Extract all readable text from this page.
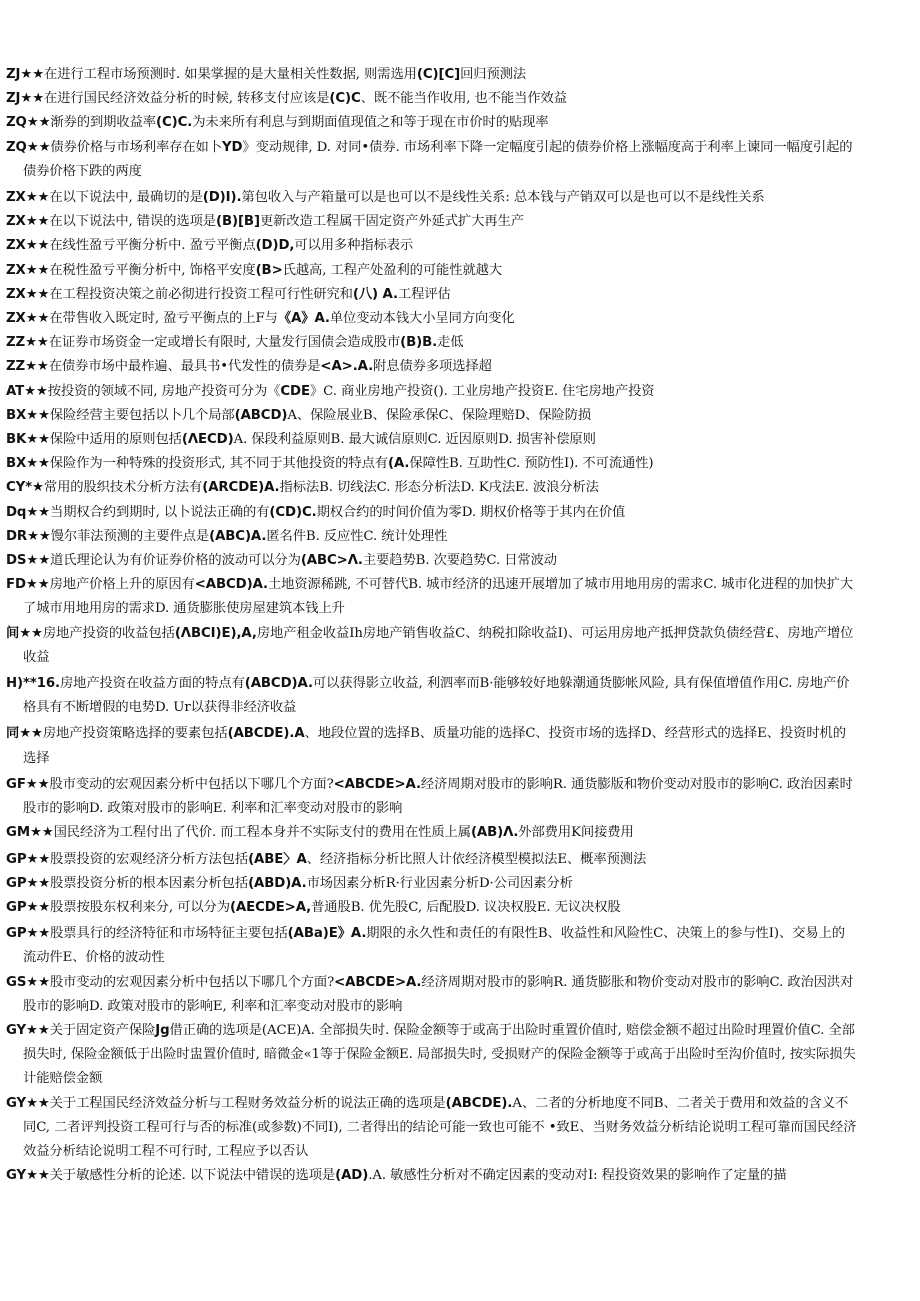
ZJ★★在进行工程市场预测时. 如果掌握的是大量相关性数据, 则需选用(C)[C]回归预测法
ZJ★★在进行国民经济效益分析的时候, 转移支付应该是(C)C、既不能当作收用, 也不能当作效益
ZQ★★渐券的到期收益率(C)C.为未来所有利息与到期面值现值之和等于现在市价时的贴现率
ZQ★★债券价格与市场利率存在如卜YD》变动规律, D. 对同•债券. 市场利率下降一定幅度引起的债券价格上涨幅度高于利率上谏同一幅度引起的债券价格下跌的两度
ZX★★在以下说法中, 最确切的是(D)I).第包收入与产箱量可以是也可以不是线性关系: 总本钱与产销双可以是也可以不是线性关系
ZX★★在以下说法中, 错误的选项是(B)[B]更新改造工程属干固定资产外延式扩大再生产
ZX★★在线性盈亏平衡分析中. 盈亏平衡点(D)D,可以用多种指标表示
ZX★★在税性盈亏平衡分析中, 饰格平安度(B>氏越高, 工程产处盈利的可能性就越大
ZX★★在工程投资决策之前必彻进行投资工程可行性研究和(八) A.工程评估
ZX★★在带售收入既定时, 盈亏平衡点的上F与《A》A.单位变动本钱大小呈同方向变化
ZZ★★在证券市场资金一定或增长有限时, 大量发行国债会造成股市(B)B.走低
ZZ★★在债券市场中最柞遍、最具书•代发性的债券是<A>.A.附息债券多项选择超
AT★★按投资的领域不同, 房地产投资可分为《CDE》C. 商业房地产投资(). 工业房地产投资E. 住宅房地产投资
BX★★保险经营主要包括以卜几个局部(ABCD)A、保险展业B、保险承保C、保险理赔D、保险防损
BK★★保险中适用的原则包括(ΛECD)A. 保段利益原则B. 最大诚信原则C. 近因原则D. 损害补偿原则
BX★★保险作为一种特殊的投资形式, 其不同于其他投资的特点有(A.保障性B. 互助性C. 预防性I). 不可流通性)
CY*★常用的股织技术分析方法有(ARCDE)A.指标法B. 切线法C. 形态分析法D. K戌法E. 波浪分析法
Dq★★当期权合约到期时, 以卜说法正确的有(CD)C.期权合约的时间价值为零D. 期权价格等于其内在价值
DR★★馒尔菲法预测的主要件点是(ABC)A.匿名件B. 反应性C. 统计处理性
DS★★道氏理论认为有价证券价格的波动可以分为(ABC>Λ.主要趋势B. 次要趋势C. 日常波动
FD★★房地产价格上升的原因有<ABCD)A.土地资源稀跳, 不可替代B. 城市经济的迅速开展增加了城市用地用房的需求C. 城市化进程的加快扩大了城市用地用房的需求D. 通货膨胀使房屋建筑本钱上升
间★★房地产投资的收益包括(ΛBCI)E),A,房地产租金收益Ih房地产销售收益C、纳税扣除收益I)、可运用房地产抵押贷款负债经营£、房地产增位收益
H)**16.房地产投资在收益方面的特点有(ABCD)A.可以获得影立收益, 利泗率而B·能够较好地躲潮通货膨帐风险, 具有保值增值作用C. 房地产价格具有不断增假的电势D. Ur以获得非经济收益
同★★房地产投资策略选择的要素包括(ABCDE).A、地段位置的选择B、质量功能的选择C、投资市场的选择D、经营形式的选择E、投资时机的选择
GF★★股市变动的宏观因素分析中包括以下哪几个方面?<ABCDE>A.经济周期对股市的影响R. 通货膨版和物价变动对股市的影响C. 政治因素时股市的影响D. 政策对股市的影响E. 利率和汇率变动对股市的影响
GM★★国民经济为工程付出了代价. 而工程本身并不实际支付的费用在性质上属(AB)Λ.外部费用K间接费用
GP★★股票投资的宏观经济分析方法包括(ABE〉A、经济指标分析比照人计依经济模型模拟法E、概率预测法
GP★★股票投资分析的根本因素分析包括(ABD)A.市场因素分析R·行业因素分析D·公司因素分析
GP★★股票按股东权利来分, 可以分为(AECDE>A,普通股B. 优先股C, 后配股D. 议决权股E. 无议决权股
GP★★股票具行的经济特征和市场特征主要包括(ABa)E》A.期限的永久性和责任的有限性B、收益性和风险性C、决策上的参与性I)、交易上的流动件E、价格的波动性
GS★★股市变动的宏观因素分析中包括以下哪几个方面?<ABCDE>A.经济周期对股市的影响R. 通货膨胀和物价变动对股市的影响C. 政治因洪对股市的影响D. 政策对股市的影响E, 利率和汇率变动对股市的影响
GY★★关于固定资产保险Jg借正确的选项是(ACE)A. 全部损失时. 保险金额等于或高于出险时重置价值时, 赔偿金额不超过出险时理置价值C. 全部损失时, 保险金额低于出险时盅置价值时, 暗微金«1等于保险金额E. 局部损失时, 受损财产的保险金额等于或高于出险时至沟价值时, 按实际损失计能赔偿金额
GY★★关于工程国民经济效益分析与工程财务效益分析的说法正确的选项是(ABCDE).A、二者的分析地度不同B、二者关于费用和效益的含义不同C, 二者评判投资工程可行与否的标准(或参数)不同I), 二者得出的结论可能一致也可能不 •致E、当财务效益分析结论说明工程可靠而国民经济效益分析结论说明工程不可行时, 工程应予以否认
GY★★关于敏感性分析的论述. 以下说法中错误的选项是(AD).A. 敏感性分析对不确定因素的变动对I: 程投资效果的影响作了定量的描
